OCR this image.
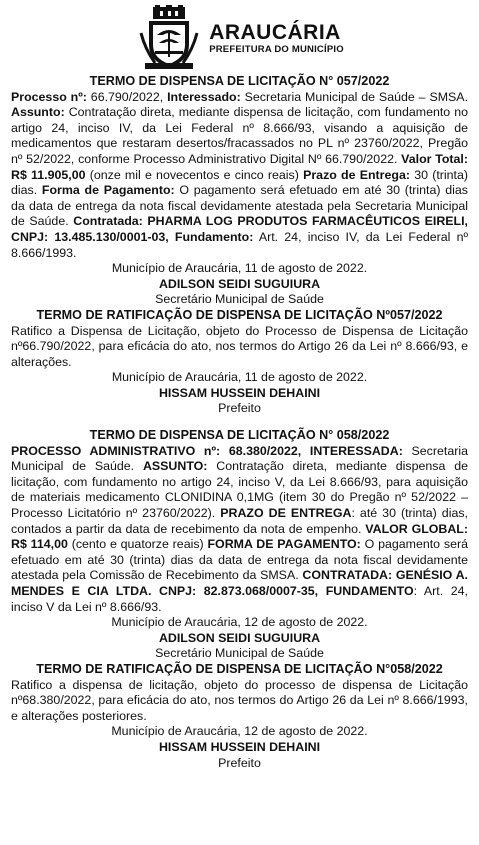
ARAUCÁRIA
PREFEITURA DO MUNICÍPIO
TERMO DE DISPENSA DE LICITAÇÃO N° 057/2022
Processo nº: 66.790/2022, Interessado: Secretaria Municipal de Saúde – SMSA. Assunto: Contratação direta, mediante dispensa de licitação, com fundamento no artigo 24, inciso IV, da Lei Federal nº 8.666/93, visando a aquisição de medicamentos que restaram desertos/fracassados no PL nº 23760/2022, Pregão nº 52/2022, conforme Processo Administrativo Digital Nº 66.790/2022. Valor Total: R$ 11.905,00 (onze mil e novecentos e cinco reais) Prazo de Entrega: 30 (trinta) dias. Forma de Pagamento: O pagamento será efetuado em até 30 (trinta) dias da data de entrega da nota fiscal devidamente atestada pela Secretaria Municipal de Saúde. Contratada: PHARMA LOG PRODUTOS FARMACÊUTICOS EIRELI, CNPJ: 13.485.130/0001-03, Fundamento: Art. 24, inciso IV, da Lei Federal nº 8.666/1993.
Município de Araucária, 11 de agosto de 2022.
ADILSON SEIDI SUGUIURA
Secretário Municipal de Saúde
TERMO DE RATIFICAÇÃO DE DISPENSA DE LICITAÇÃO Nº057/2022
Ratifico a Dispensa de Licitação, objeto do Processo de Dispensa de Licitação nº66.790/2022, para eficácia do ato, nos termos do Artigo 26 da Lei nº 8.666/93, e alterações.
Município de Araucária, 11 de agosto de 2022.
HISSAM HUSSEIN DEHAINI
Prefeito
TERMO DE DISPENSA DE LICITAÇÃO N° 058/2022
PROCESSO ADMINISTRATIVO nº: 68.380/2022, INTERESSADA: Secretaria Municipal de Saúde. ASSUNTO: Contratação direta, mediante dispensa de licitação, com fundamento no artigo 24, inciso V, da Lei 8.666/93, para aquisição de materiais medicamento CLONIDINA 0,1MG (item 30 do Pregão nº 52/2022 – Processo Licitatório nº 23760/2022). PRAZO DE ENTREGA: até 30 (trinta) dias, contados a partir da data de recebimento da nota de empenho. VALOR GLOBAL: R$ 114,00 (cento e quatorze reais) FORMA DE PAGAMENTO: O pagamento será efetuado em até 30 (trinta) dias da data de entrega da nota fiscal devidamente atestada pela Comissão de Recebimento da SMSA. CONTRATADA: GENÉSIO A. MENDES E CIA LTDA. CNPJ: 82.873.068/0007-35, FUNDAMENTO: Art. 24, inciso V da Lei nº 8.666/93.
Município de Araucária, 12 de agosto de 2022.
ADILSON SEIDI SUGUIURA
Secretário Municipal de Saúde
TERMO DE RATIFICAÇÃO DE DISPENSA DE LICITAÇÃO N°058/2022
Ratifico a dispensa de licitação, objeto do processo de dispensa de Licitação nº68.380/2022, para eficácia do ato, nos termos do Artigo 26 da Lei nº 8.666/1993, e alterações posteriores.
Município de Araucária, 12 de agosto de 2022.
HISSAM HUSSEIN DEHAINI
Prefeito
